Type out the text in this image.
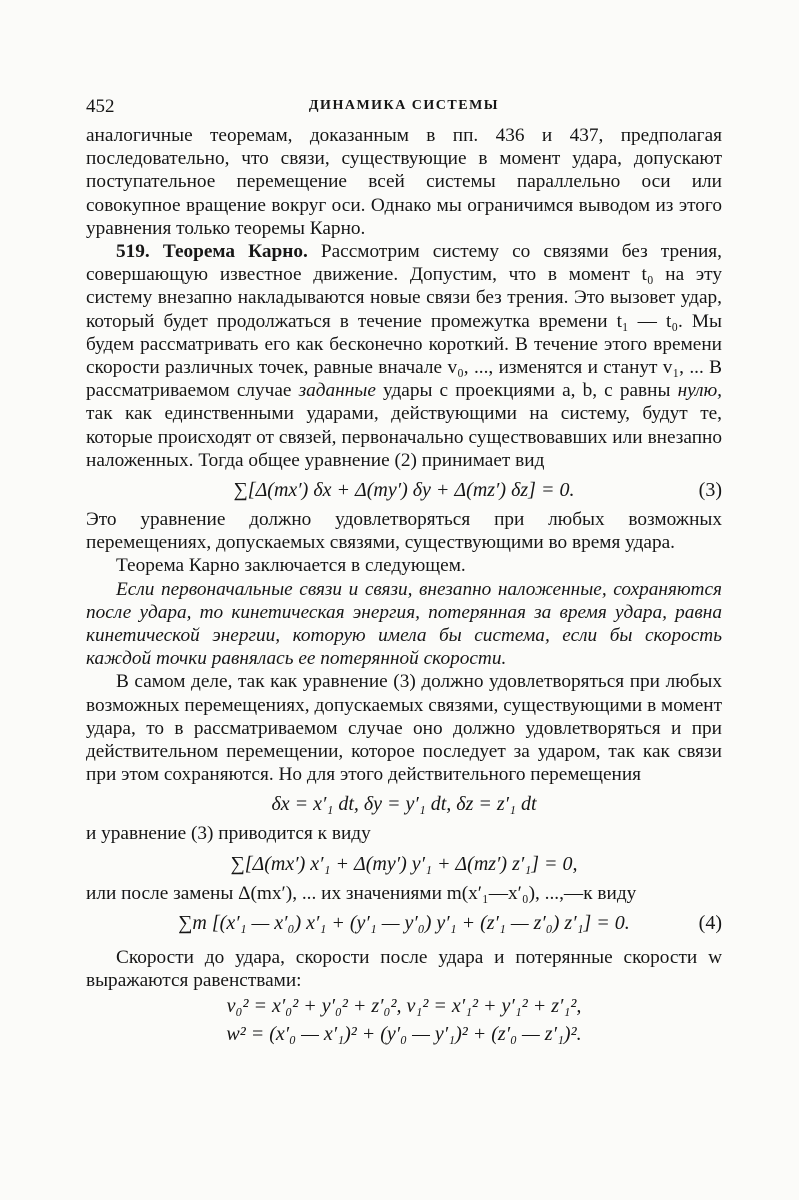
452	ДИНАМИКА СИСТЕМЫ

аналогичные теоремам, доказанным в пп. 436 и 437, предполагая последовательно, что связи, существующие в момент удара, допускают поступательное перемещение всей системы параллельно оси или совокупное вращение вокруг оси. Однако мы ограничимся выводом из этого уравнения только теоремы Карно.

519. Теорема Карно. Рассмотрим систему со связями без трения, совершающую известное движение. Допустим, что в момент t₀ на эту систему внезапно накладываются новые связи без трения. Это вызовет удар, который будет продолжаться в течение промежутка времени t₁ — t₀. Мы будем рассматривать его как бесконечно короткий. В течение этого времени скорости различных точек, равные вначале v₀, ..., изменятся и станут v₁, ... В рассматриваемом случае заданные удары с проекциями a, b, c равны нулю, так как единственными ударами, действующими на систему, будут те, которые происходят от связей, первоначально существовавших или внезапно наложенных. Тогда общее уравнение (2) принимает вид

∑[Δ(mx′) δx + Δ(my′) δy + Δ(mz′) δz] = 0.	(3)

Это уравнение должно удовлетворяться при любых возможных перемещениях, допускаемых связями, существующими во время удара.

Теорема Карно заключается в следующем.

Если первоначальные связи и связи, внезапно наложенные, сохраняются после удара, то кинетическая энергия, потерянная за время удара, равна кинетической энергии, которую имела бы система, если бы скорость каждой точки равнялась ее потерянной скорости.

В самом деле, так как уравнение (3) должно удовлетворяться при любых возможных перемещениях, допускаемых связями, существующими в момент удара, то в рассматриваемом случае оно должно удовлетворяться и при действительном перемещении, которое последует за ударом, так как связи при этом сохраняются. Но для этого действительного перемещения

δx = x′₁ dt, δy = y′₁ dt, δz = z′₁ dt

и уравнение (3) приводится к виду

∑[Δ(mx′) x′₁ + Δ(my′) y′₁ + Δ(mz′) z′₁] = 0,

или после замены Δ(mx′), ... их значениями m(x′₁—x′₀), ...,—к виду

∑m [(x′₁ — x′₀) x′₁ + (y′₁ — y′₀) y′₁ + (z′₁ — z′₀) z′₁] = 0.	(4)

Скорости до удара, скорости после удара и потерянные скорости w выражаются равенствами:

v₀² = x′₀² + y′₀² + z′₀², v₁² = x′₁² + y′₁² + z′₁²,
w² = (x′₀ — x′₁)² + (y′₀ — y′₁)² + (z′₀ — z′₁)².
